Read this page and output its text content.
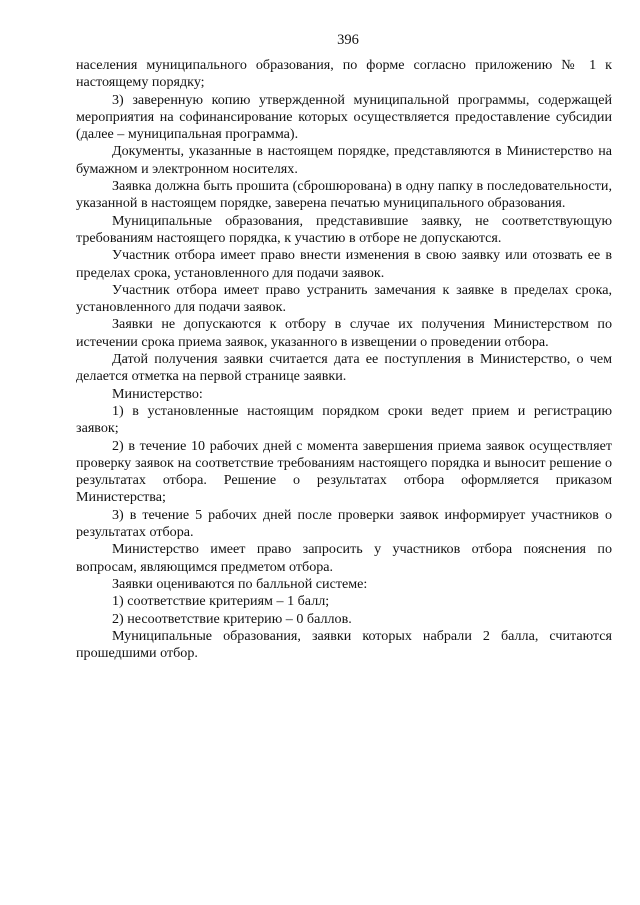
396

населения муниципального образования, по форме согласно приложению № 1 к настоящему порядку;

3) заверенную копию утвержденной муниципальной программы, содержащей мероприятия на софинансирование которых осуществляется предоставление субсидии (далее – муниципальная программа).

Документы, указанные в настоящем порядке, представляются в Министерство на бумажном и электронном носителях.

Заявка должна быть прошита (сброшюрована) в одну папку в последовательности, указанной в настоящем порядке, заверена печатью муниципального образования.

Муниципальные образования, представившие заявку, не соответствующую требованиям настоящего порядка, к участию в отборе не допускаются.

Участник отбора имеет право внести изменения в свою заявку или отозвать ее в пределах срока, установленного для подачи заявок.

Участник отбора имеет право устранить замечания к заявке в пределах срока, установленного для подачи заявок.

Заявки не допускаются к отбору в случае их получения Министерством по истечении срока приема заявок, указанного в извещении о проведении отбора.

Датой получения заявки считается дата ее поступления в Министерство, о чем делается отметка на первой странице заявки.

Министерство:

1) в установленные настоящим порядком сроки ведет прием и регистрацию заявок;

2) в течение 10 рабочих дней с момента завершения приема заявок осуществляет проверку заявок на соответствие требованиям настоящего порядка и выносит решение о результатах отбора. Решение о результатах отбора оформляется приказом Министерства;

3) в течение 5 рабочих дней после проверки заявок информирует участников о результатах отбора.

Министерство имеет право запросить у участников отбора пояснения по вопросам, являющимся предметом отбора.

Заявки оцениваются по балльной системе:

1) соответствие критериям – 1 балл;

2) несоответствие критерию – 0 баллов.

Муниципальные образования, заявки которых набрали 2 балла, считаются прошедшими отбор.
